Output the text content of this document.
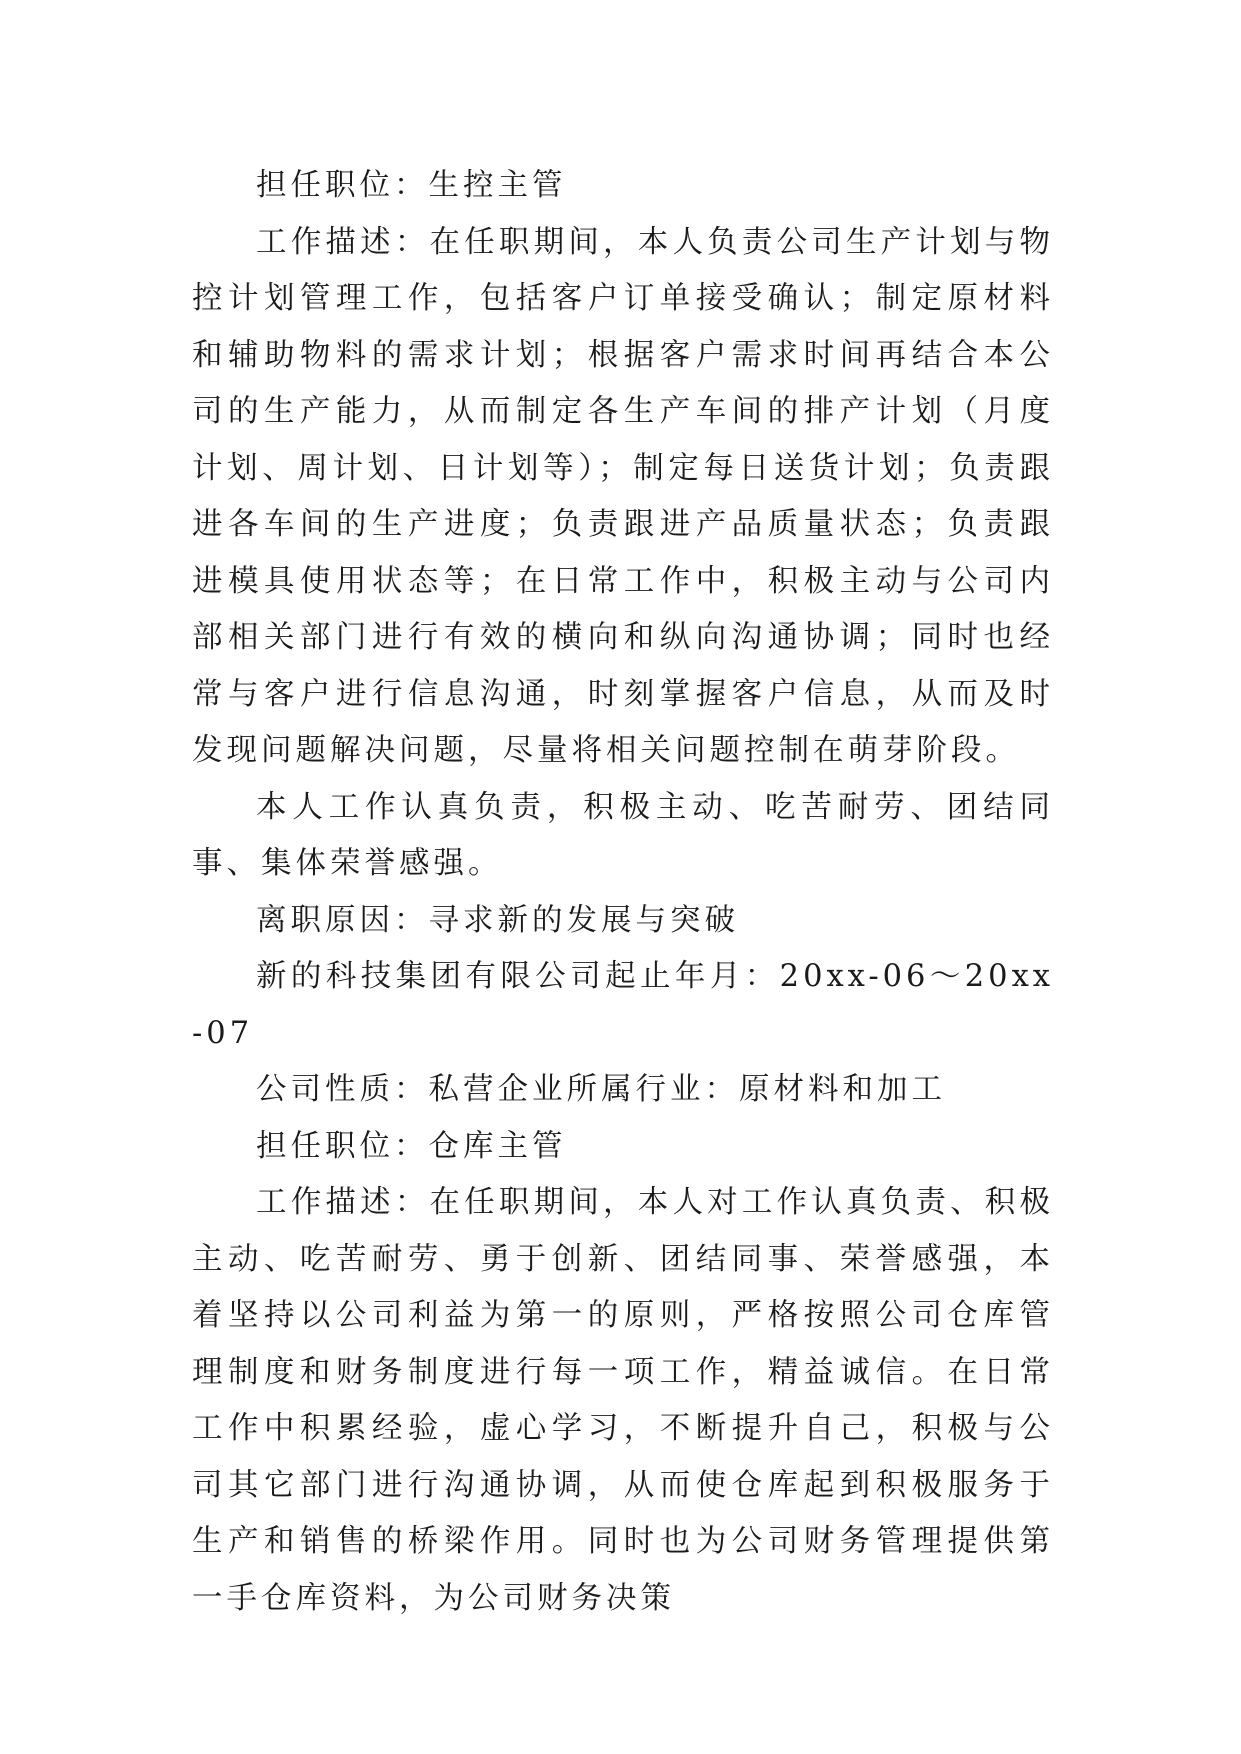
担任职位：生控主管

工作描述：在任职期间，本人负责公司生产计划与物控计划管理工作，包括客户订单接受确认；制定原材料和辅助物料的需求计划；根据客户需求时间再结合本公司的生产能力，从而制定各生产车间的排产计划（月度计划、周计划、日计划等）；制定每日送货计划；负责跟进各车间的生产进度；负责跟进产品质量状态；负责跟进模具使用状态等；在日常工作中，积极主动与公司内部相关部门进行有效的横向和纵向沟通协调；同时也经常与客户进行信息沟通，时刻掌握客户信息，从而及时发现问题解决问题，尽量将相关问题控制在萌芽阶段。

本人工作认真负责，积极主动、吃苦耐劳、团结同事、集体荣誉感强。

离职原因：寻求新的发展与突破

新的科技集团有限公司起止年月：20xx-06～20xx-07

公司性质：私营企业所属行业：原材料和加工

担任职位：仓库主管

工作描述：在任职期间，本人对工作认真负责、积极主动、吃苦耐劳、勇于创新、团结同事、荣誉感强，本着坚持以公司利益为第一的原则，严格按照公司仓库管理制度和财务制度进行每一项工作，精益诚信。在日常工作中积累经验，虚心学习，不断提升自己，积极与公司其它部门进行沟通协调，从而使仓库起到积极服务于生产和销售的桥梁作用。同时也为公司财务管理提供第一手仓库资料，为公司财务决策
